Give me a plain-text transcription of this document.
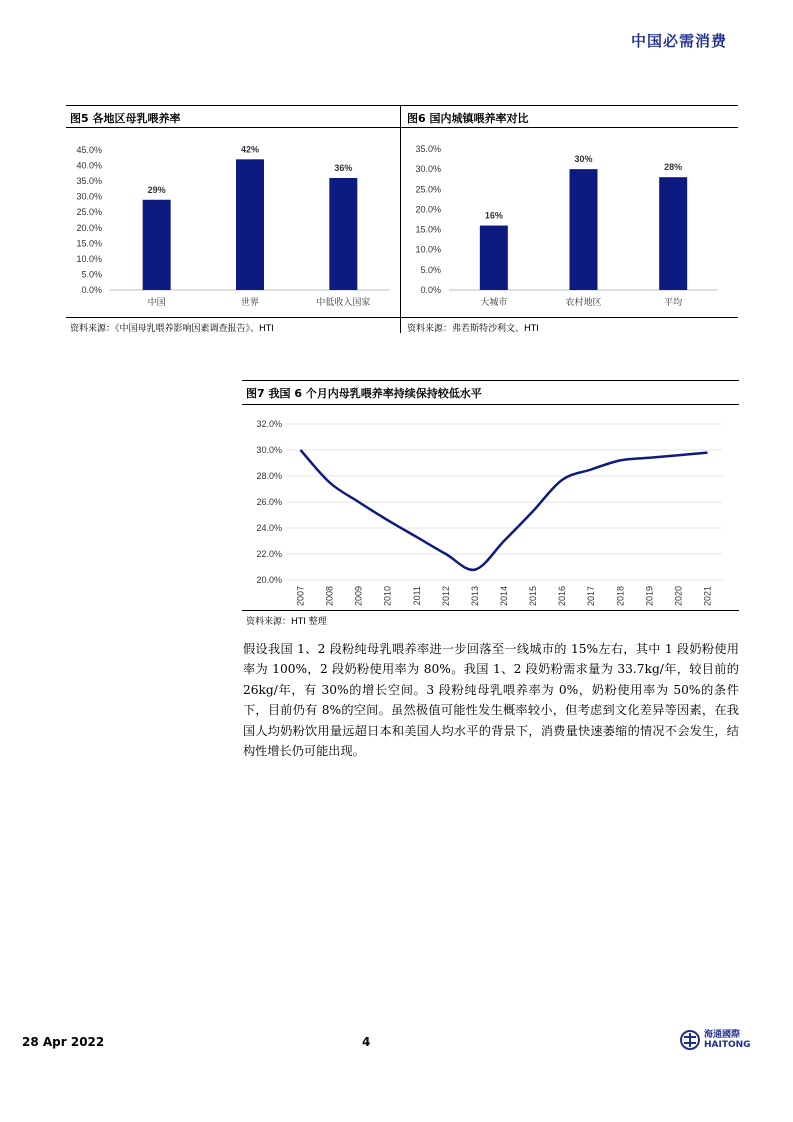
中国必需消费
图5 各地区母乳喂养率	图6 国内城镇喂养率对比
0.0%
5.0%
10.0%
15.0%
20.0%
25.0%
30.0%
35.0%
40.0%
45.0%
29%
中国
42%
世界
36%
中低收入国家
0.0%
5.0%
10.0%
15.0%
20.0%
25.0%
30.0%
35.0%
16%
大城市
30%
农村地区
28%
平均
资料来源：《中国母乳喂养影响因素调查报告》、HTI	资料来源：弗若斯特沙利文、HTI
图7 我国 6 个月内母乳喂养率持续保持较低水平
20.0%
22.0%
24.0%
26.0%
28.0%
30.0%
32.0%
2007 2008 2009 2010 2011 2012 2013 2014 2015 2016 2017 2018 2019 2020 2021
资料来源：HTI 整理
假设我国 1、2 段粉纯母乳喂养率进一步回落至一线城市的 15%左右，其中 1 段奶粉使用率为 100%，2 段奶粉使用率为 80%。我国 1、2 段奶粉需求量为 33.7kg/年，较目前的 26kg/年，有 30%的增长空间。3 段粉纯母乳喂养率为 0%，奶粉使用率为 50%的条件下，目前仍有 8%的空间。虽然极值可能性发生概率较小，但考虑到文化差异等因素，在我国人均奶粉饮用量远超日本和美国人均水平的背景下，消费量快速萎缩的情况不会发生，结构性增长仍可能出现。
28 Apr 2022	4	海通國際
HAITONG
